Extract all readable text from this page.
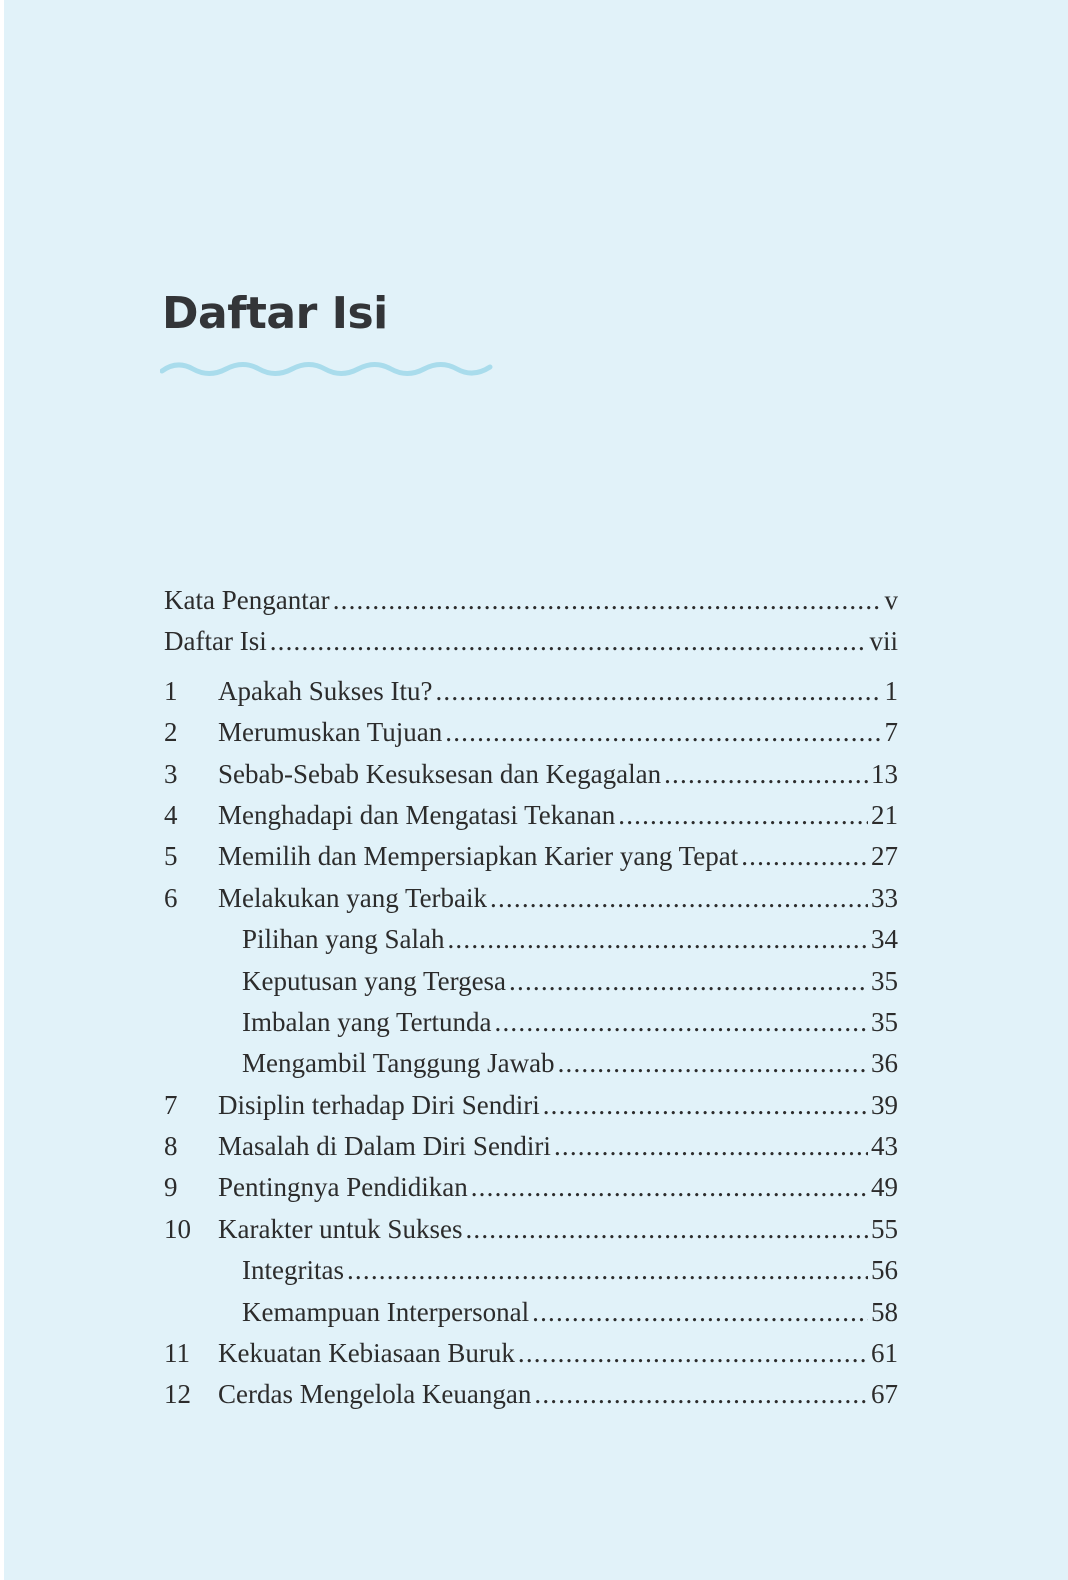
Daftar Isi
Kata Pengantar .....	v
Daftar Isi .....	vii
1	Apakah Sukses Itu? .....	1
2	Merumuskan Tujuan .....	7
3	Sebab-Sebab Kesuksesan dan Kegagalan .....	13
4	Menghadapi dan Mengatasi Tekanan .....	21
5	Memilih dan Mempersiapkan Karier yang Tepat .....	27
6	Melakukan yang Terbaik .....	33
Pilihan yang Salah .....	34
Keputusan yang Tergesa .....	35
Imbalan yang Tertunda .....	35
Mengambil Tanggung Jawab .....	36
7	Disiplin terhadap Diri Sendiri .....	39
8	Masalah di Dalam Diri Sendiri .....	43
9	Pentingnya Pendidikan .....	49
10	Karakter untuk Sukses .....	55
Integritas .....	56
Kemampuan Interpersonal .....	58
11	Kekuatan Kebiasaan Buruk .....	61
12	Cerdas Mengelola Keuangan .....	67
